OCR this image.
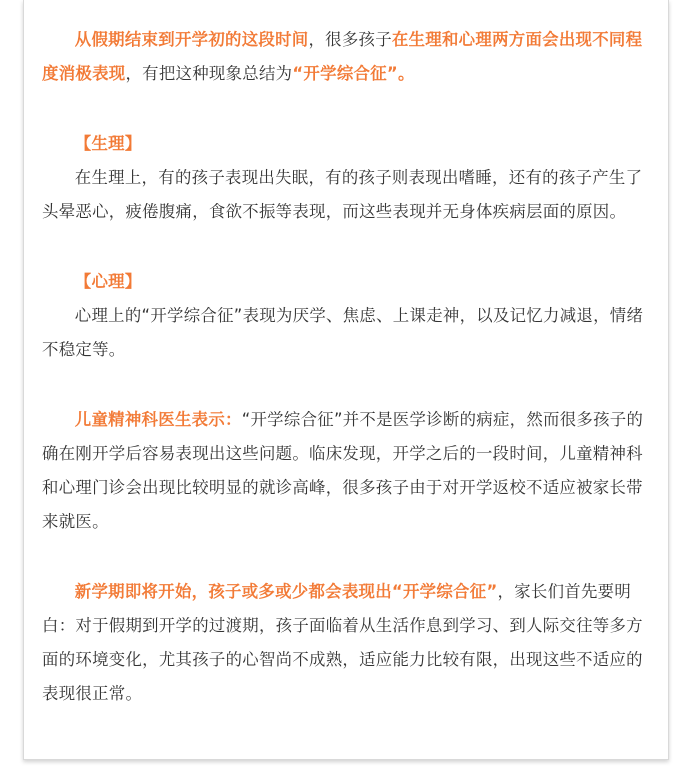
从假期结束到开学初的这段时间，很多孩子在生理和心理两方面会出现不同程度消极表现，有把这种现象总结为“开学综合征”。

【生理】

在生理上，有的孩子表现出失眠，有的孩子则表现出嗜睡，还有的孩子产生了头晕恶心，疲倦腹痛，食欲不振等表现，而这些表现并无身体疾病层面的原因。

【心理】

心理上的“开学综合征”表现为厌学、焦虑、上课走神，以及记忆力减退，情绪不稳定等。

儿童精神科医生表示：“开学综合征”并不是医学诊断的病症，然而很多孩子的确在刚开学后容易表现出这些问题。临床发现，开学之后的一段时间，儿童精神科和心理门诊会出现比较明显的就诊高峰，很多孩子由于对开学返校不适应被家长带来就医。

新学期即将开始，孩子或多或少都会表现出“开学综合征”，家长们首先要明白：对于假期到开学的过渡期，孩子面临着从生活作息到学习、到人际交往等多方面的环境变化，尤其孩子的心智尚不成熟，适应能力比较有限，出现这些不适应的表现很正常。
